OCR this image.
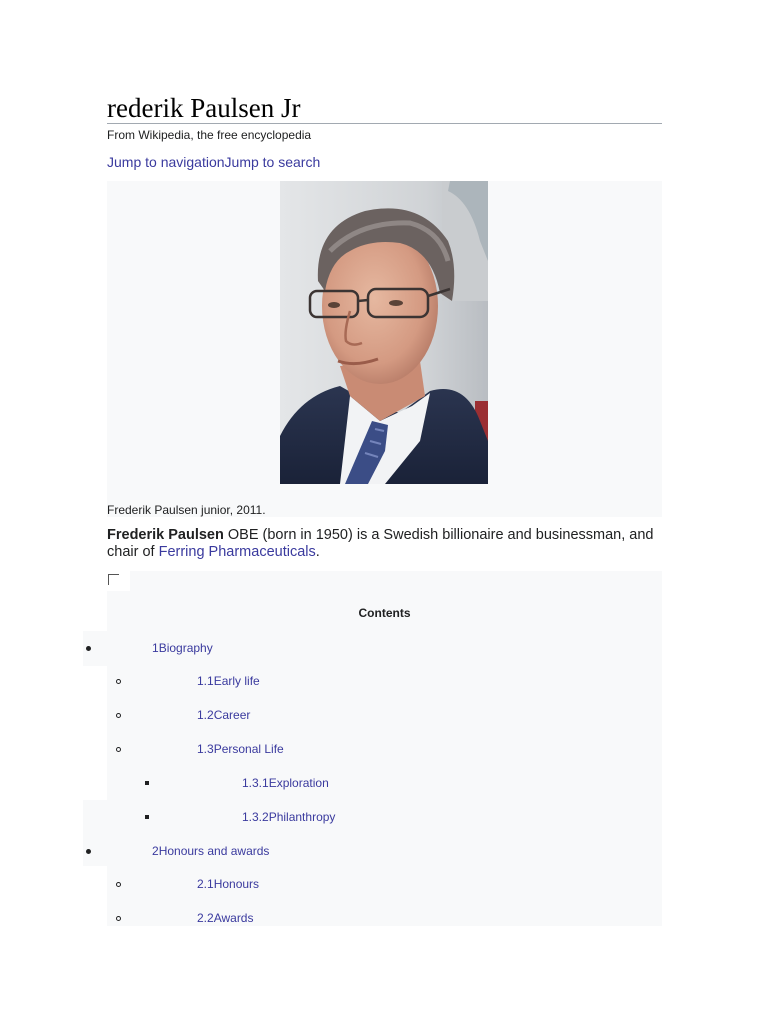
rederik Paulsen Jr
From Wikipedia, the free encyclopedia
Jump to navigationJump to search
Frederik Paulsen junior, 2011.
Frederik Paulsen OBE (born in 1950) is a Swedish billionaire and businessman, and chair of Ferring Pharmaceuticals.
Contents
1Biography
1.1Early life
1.2Career
1.3Personal Life
1.3.1Exploration
1.3.2Philanthropy
2Honours and awards
2.1Honours
2.2Awards
